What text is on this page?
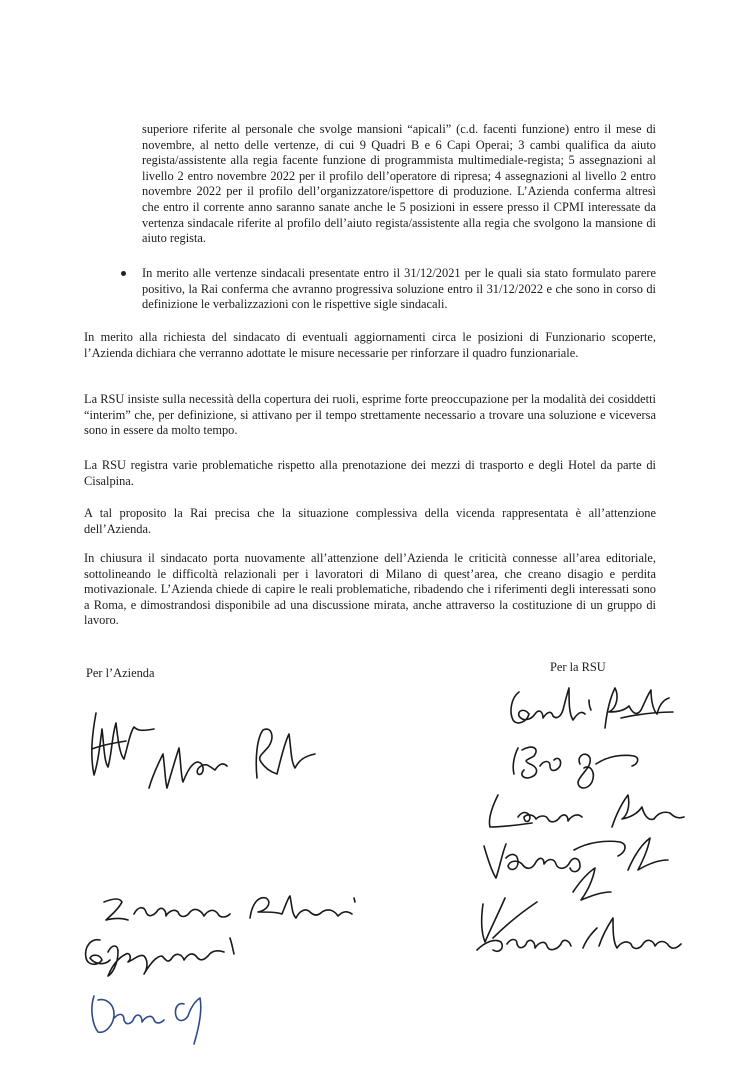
superiore riferite al personale che svolge mansioni “apicali” (c.d. facenti funzione) entro il mese di novembre, al netto delle vertenze, di cui 9 Quadri B e 6 Capi Operai; 3 cambi qualifica da aiuto regista/assistente alla regia facente funzione di programmista multimediale-regista; 5 assegnazioni al livello 2 entro novembre 2022 per il profilo dell’operatore di ripresa; 4 assegnazioni al livello 2 entro novembre 2022 per il profilo dell’organizzatore/ispettore di produzione. L’Azienda conferma altresì che entro il corrente anno saranno sanate anche le 5 posizioni in essere presso il CPMI interessate da vertenza sindacale riferite al profilo dell’aiuto regista/assistente alla regia che svolgono la mansione di aiuto regista.

In merito alle vertenze sindacali presentate entro il 31/12/2021 per le quali sia stato formulato parere positivo, la Rai conferma che avranno progressiva soluzione entro il 31/12/2022 e che sono in corso di definizione le verbalizzazioni con le rispettive sigle sindacali.

In merito alla richiesta del sindacato di eventuali aggiornamenti circa le posizioni di Funzionario scoperte, l’Azienda dichiara che verranno adottate le misure necessarie per rinforzare il quadro funzionariale.

La RSU insiste sulla necessità della copertura dei ruoli, esprime forte preoccupazione per la modalità dei cosiddetti “interim” che, per definizione, si attivano per il tempo strettamente necessario a trovare una soluzione e viceversa sono in essere da molto tempo.

La RSU registra varie problematiche rispetto alla prenotazione dei mezzi di trasporto e degli Hotel da parte di Cisalpina.

A tal proposito la Rai precisa che la situazione complessiva della vicenda rappresentata è all’attenzione dell’Azienda.

In chiusura il sindacato porta nuovamente all’attenzione dell’Azienda le criticità connesse all’area editoriale, sottolineando le difficoltà relazionali per i lavoratori di Milano di quest’area, che creano disagio e perdita motivazionale. L’Azienda chiede di capire le reali problematiche, ribadendo che i riferimenti degli interessati sono a Roma, e dimostrandosi disponibile ad una discussione mirata, anche attraverso la costituzione di un gruppo di lavoro.

Per l’Azienda	Per la RSU
